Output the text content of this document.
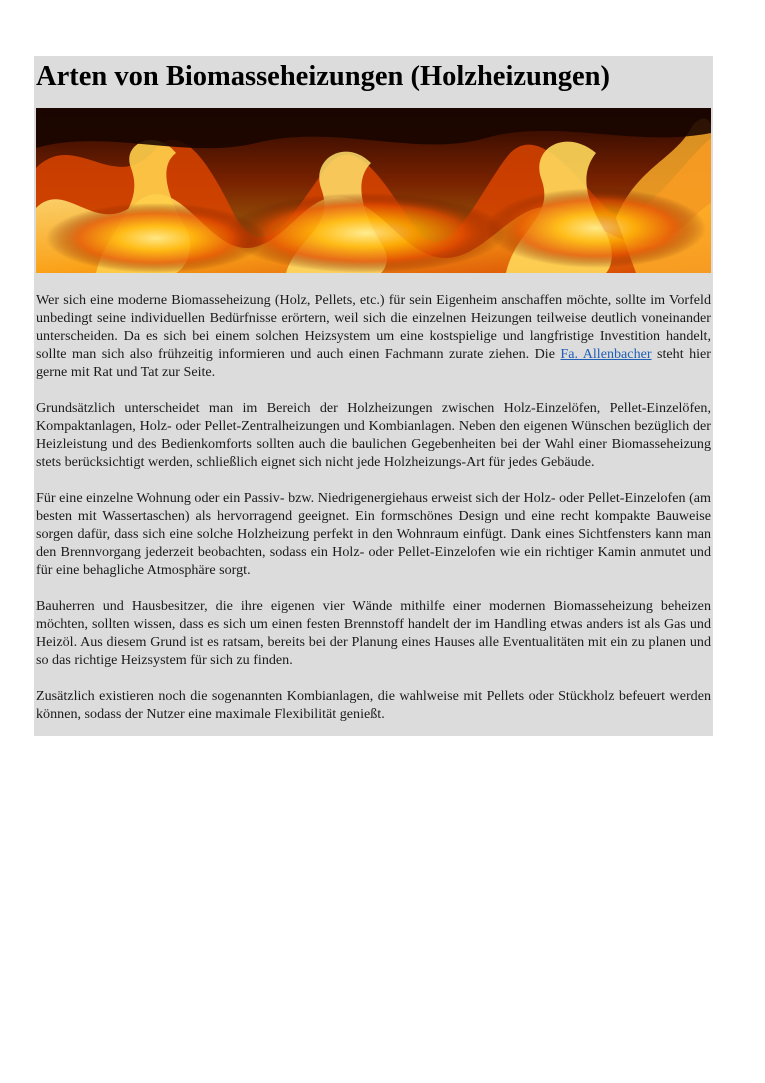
Arten von Biomasseheizungen (Holzheizungen)

Wer sich eine moderne Biomasseheizung (Holz, Pellets, etc.) für sein Eigenheim anschaffen möchte, sollte im Vorfeld unbedingt seine individuellen Bedürfnisse erörtern, weil sich die einzelnen Heizungen teilweise deutlich voneinander unterscheiden. Da es sich bei einem solchen Heizsystem um eine kostspielige und langfristige Investition handelt, sollte man sich also frühzeitig informieren und auch einen Fachmann zurate ziehen. Die Fa. Allenbacher steht hier gerne mit Rat und Tat zur Seite.

Grundsätzlich unterscheidet man im Bereich der Holzheizungen zwischen Holz-Einzelöfen, Pellet-Einzelöfen, Kompaktanlagen, Holz- oder Pellet-Zentralheizungen und Kombianlagen. Neben den eigenen Wünschen bezüglich der Heizleistung und des Bedienkomforts sollten auch die baulichen Gegebenheiten bei der Wahl einer Biomasseheizung stets berücksichtigt werden, schließlich eignet sich nicht jede Holzheizungs-Art für jedes Gebäude.

Für eine einzelne Wohnung oder ein Passiv- bzw. Niedrigenergiehaus erweist sich der Holz- oder Pellet-Einzelofen (am besten mit Wassertaschen) als hervorragend geeignet. Ein formschönes Design und eine recht kompakte Bauweise sorgen dafür, dass sich eine solche Holzheizung perfekt in den Wohnraum einfügt. Dank eines Sichtfensters kann man den Brennvorgang jederzeit beobachten, sodass ein Holz- oder Pellet-Einzelofen wie ein richtiger Kamin anmutet und für eine behagliche Atmosphäre sorgt.

Bauherren und Hausbesitzer, die ihre eigenen vier Wände mithilfe einer modernen Biomasseheizung beheizen möchten, sollten wissen, dass es sich um einen festen Brennstoff handelt der im Handling etwas anders ist als Gas und Heizöl. Aus diesem Grund ist es ratsam, bereits bei der Planung eines Hauses alle Eventualitäten mit ein zu planen und so das richtige Heizsystem für sich zu finden.

Zusätzlich existieren noch die sogenannten Kombianlagen, die wahlweise mit Pellets oder Stückholz befeuert werden können, sodass der Nutzer eine maximale Flexibilität genießt.
